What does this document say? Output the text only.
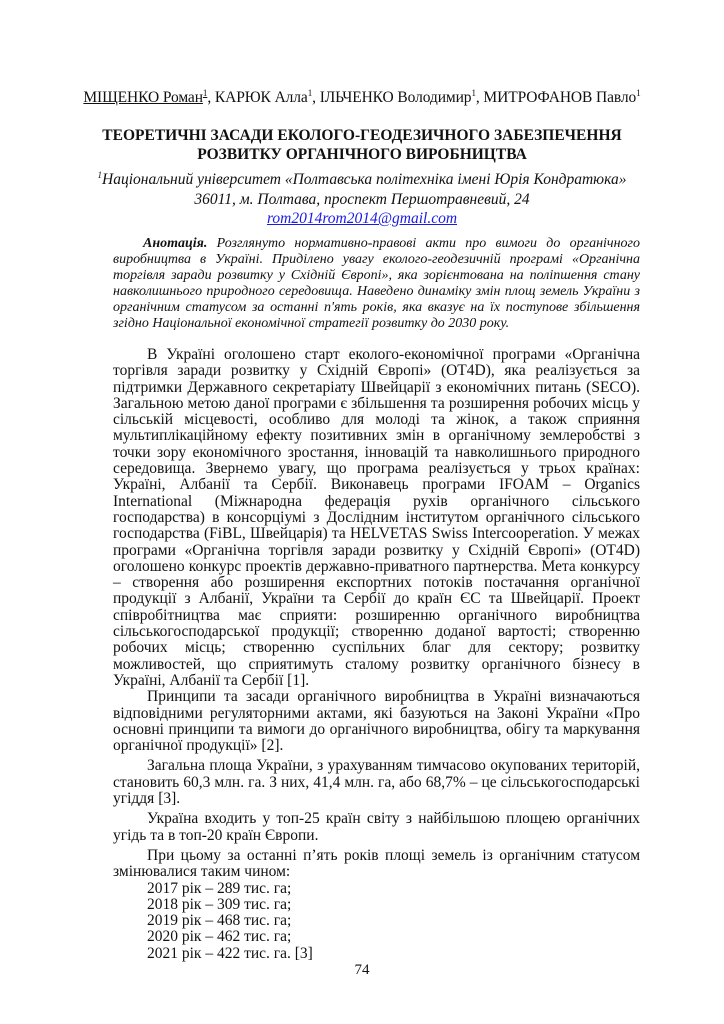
МІЩЕНКО Роман$^1$, КАРЮК Алла$^1$, ІЛЬЧЕНКО Володимир$^1$, МИТРОФАНОВ Павло$^1$
ТЕОРЕТИЧНІ ЗАСАДИ ЕКОЛОГО-ГЕОДЕЗИЧНОГО ЗАБЕЗПЕЧЕННЯ
РОЗВИТКУ ОРГАНІЧНОГО ВИРОБНИЦТВА
$^1$Національний університет «Полтавська політехніка імені Юрія Кондратюка»
36011, м. Полтава, проспект Першотравневий, 24
rom2014rom2014@gmail.com
Анотація. Розглянуто нормативно-правові акти про вимоги до органічного виробництва в Україні. Приділено увагу еколого-геодезичній програмі «Органічна торгівля заради розвитку у Східній Європі», яка зорієнтована на поліпшення стану навколишнього природного середовища. Наведено динаміку змін площ земель України з органічним статусом за останні п'ять років, яка вказує на їх поступове збільшення згідно Національної економічної стратегії розвитку до 2030 року.

В Україні оголошено старт еколого-економічної програми «Органічна торгівля заради розвитку у Східній Європі» (OT4D), яка реалізується за підтримки Державного секретаріату Швейцарії з економічних питань (SECO). Загальною метою даної програми є збільшення та розширення робочих місць у сільській місцевості, особливо для молоді та жінок, а також сприяння мультиплікаційному ефекту позитивних змін в органічному землеробстві з точки зору економічного зростання, інновацій та навколишнього природного середовища. Звернемо увагу, що програма реалізується у трьох країнах: Україні, Албанії та Сербії. Виконавець програми IFOAM – Organics International (Міжнародна федерація рухів органічного сільського господарства) в консорціумі з Дослідним інститутом органічного сільського господарства (FiBL, Швейцарія) та HELVETAS Swiss Intercooperation. У межах програми «Органічна торгівля заради розвитку у Східній Європі» (OT4D) оголошено конкурс проектів державно-приватного партнерства. Мета конкурсу – створення або розширення експортних потоків постачання органічної продукції з Албанії, України та Сербії до країн ЄС та Швейцарії. Проект співробітництва має сприяти: розширенню органічного виробництва сільськогосподарської продукції; створенню доданої вартості; створенню робочих місць; створенню суспільних благ для сектору; розвитку можливостей, що сприятимуть сталому розвитку органічного бізнесу в Україні, Албанії та Сербії [1].

Принципи та засади органічного виробництва в Україні визначаються відповідними регуляторними актами, які базуються на Законі України «Про основні принципи та вимоги до органічного виробництва, обігу та маркування органічної продукції» [2].

Загальна площа України, з урахуванням тимчасово окупованих територій, становить 60,3 млн. га. З них, 41,4 млн. га, або 68,7% – це сільськогосподарські угіддя [3].

Україна входить у топ-25 країн світу з найбільшою площею органічних угідь та в топ-20 країн Європи.

При цьому за останні п’ять років площі земель із органічним статусом змінювалися таким чином:

2017 рік – 289 тис. га;
2018 рік – 309 тис. га;
2019 рік – 468 тис. га;
2020 рік – 462 тис. га;
2021 рік – 422 тис. га. [3]
74
